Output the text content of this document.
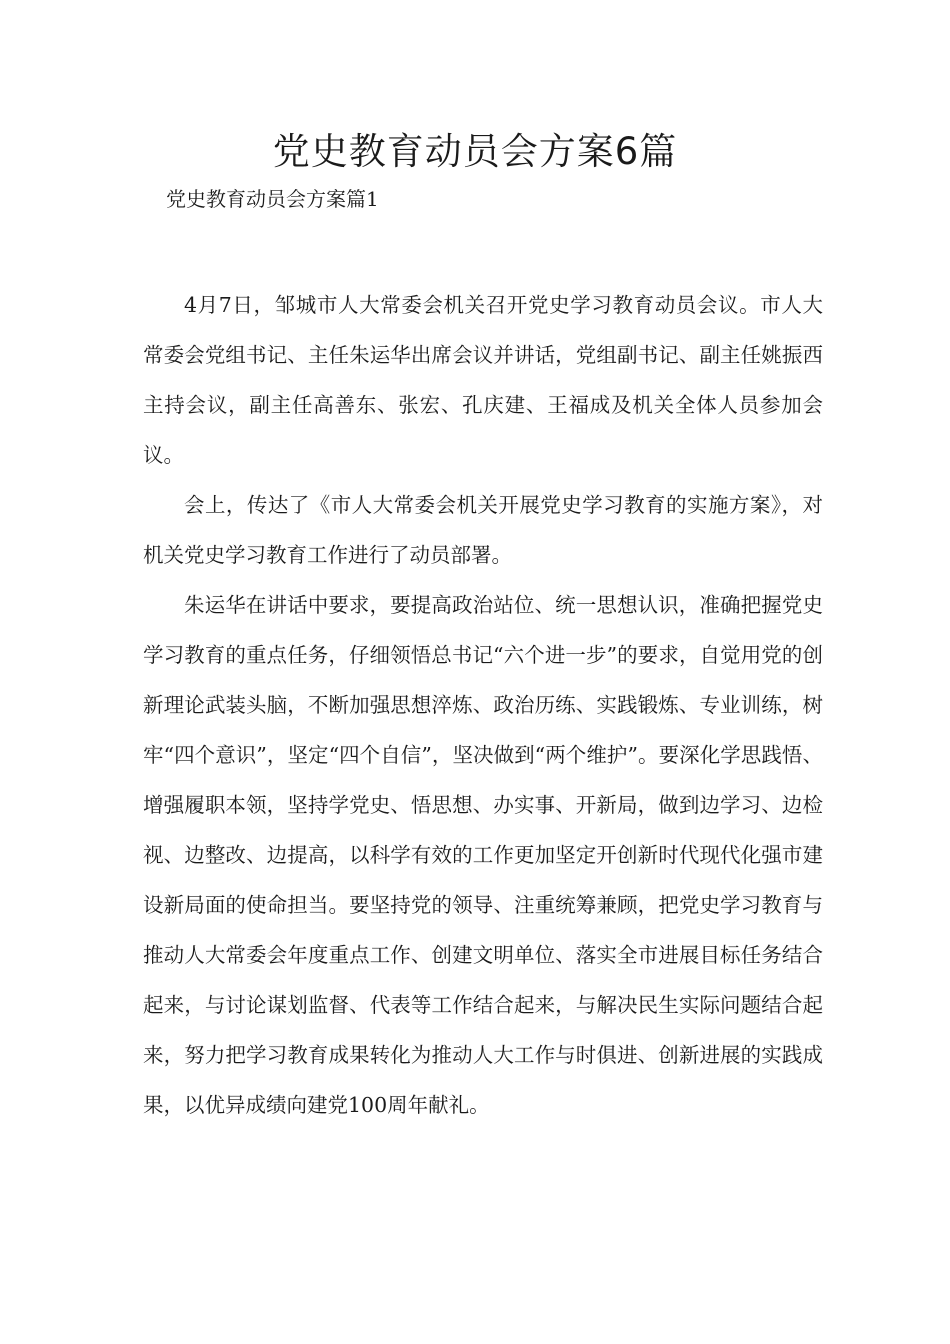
党史教育动员会方案6篇
党史教育动员会方案篇1

4月7日，邹城市人大常委会机关召开党史学习教育动员会议。市人大常委会党组书记、主任朱运华出席会议并讲话，党组副书记、副主任姚振西主持会议，副主任高善东、张宏、孔庆建、王福成及机关全体人员参加会议。

会上，传达了《市人大常委会机关开展党史学习教育的实施方案》，对机关党史学习教育工作进行了动员部署。

朱运华在讲话中要求，要提高政治站位、统一思想认识，准确把握党史学习教育的重点任务，仔细领悟总书记“六个进一步”的要求，自觉用党的创新理论武装头脑，不断加强思想淬炼、政治历练、实践锻炼、专业训练，树牢“四个意识”，坚定“四个自信”，坚决做到“两个维护”。要深化学思践悟、增强履职本领，坚持学党史、悟思想、办实事、开新局，做到边学习、边检视、边整改、边提高，以科学有效的工作更加坚定开创新时代现代化强市建设新局面的使命担当。要坚持党的领导、注重统筹兼顾，把党史学习教育与推动人大常委会年度重点工作、创建文明单位、落实全市进展目标任务结合起来，与讨论谋划监督、代表等工作结合起来，与解决民生实际问题结合起来，努力把学习教育成果转化为推动人大工作与时俱进、创新进展的实践成果，以优异成绩向建党100周年献礼。
